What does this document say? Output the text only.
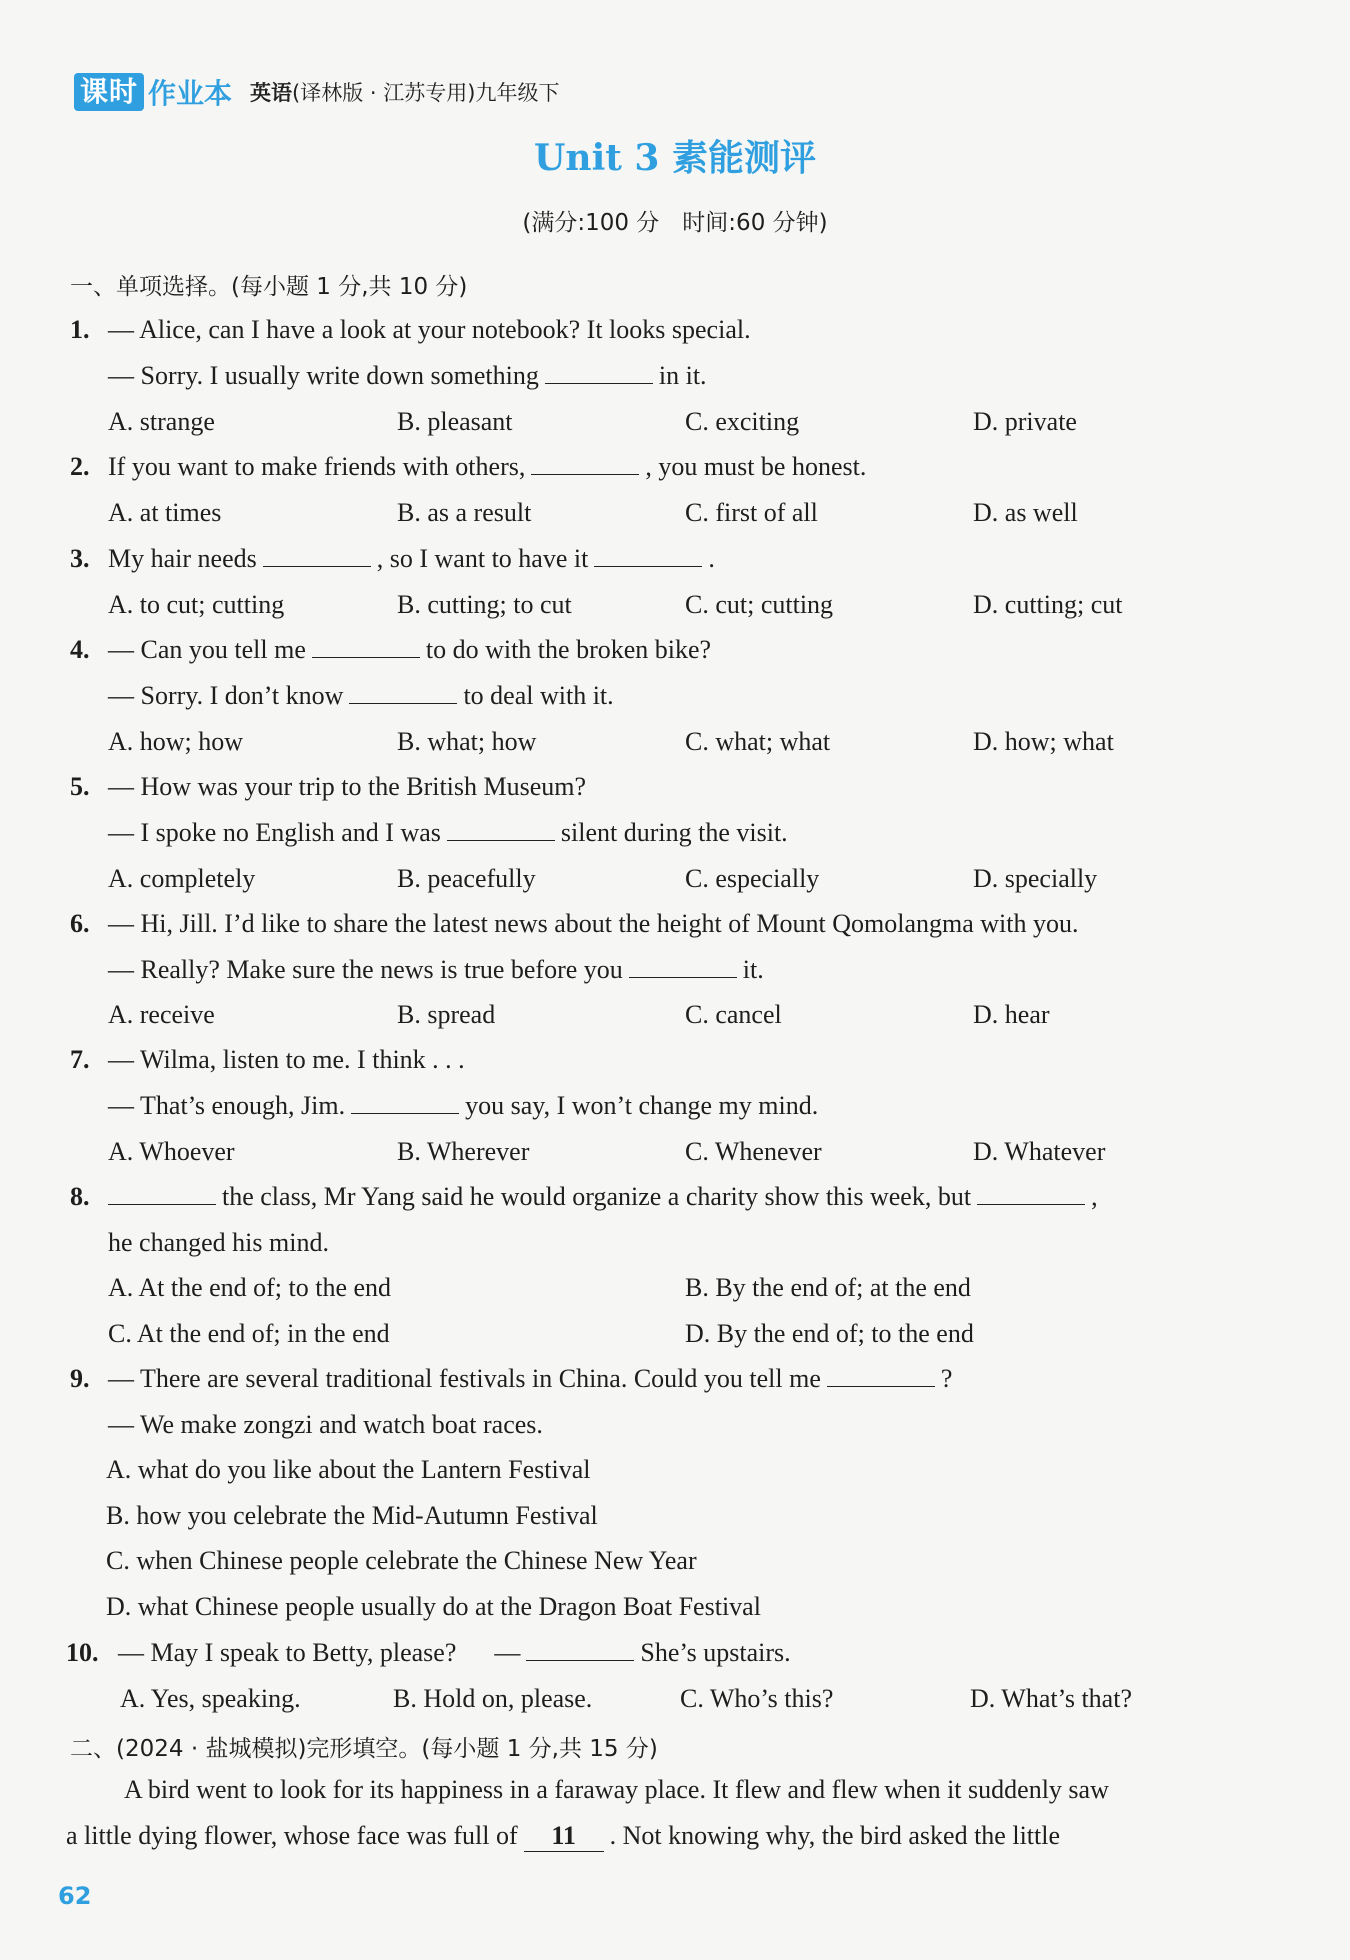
课时 作业本 英语(译林版 · 江苏专用)九年级下
Unit 3 素能测评
(满分:100 分　时间:60 分钟)
一、单项选择。(每小题 1 分,共 10 分)
1. — Alice, can I have a look at your notebook? It looks special.
— Sorry. I usually write down something	in it.
A. strange	B. pleasant	C. exciting	D. private
2. If you want to make friends with others,	, you must be honest.
A. at times	B. as a result	C. first of all	D. as well
3. My hair needs	, so I want to have it	.
A. to cut; cutting	B. cutting; to cut	C. cut; cutting	D. cutting; cut
4. — Can you tell me	to do with the broken bike?
— Sorry. I don’t know	to deal with it.
A. how; how	B. what; how	C. what; what	D. how; what
5. — How was your trip to the British Museum?
— I spoke no English and I was	silent during the visit.
A. completely	B. peacefully	C. especially	D. specially
6. — Hi, Jill. I’d like to share the latest news about the height of Mount Qomolangma with you.
— Really? Make sure the news is true before you	it.
A. receive	B. spread	C. cancel	D. hear
7. — Wilma, listen to me. I think . . .
— That’s enough, Jim.	you say, I won’t change my mind.
A. Whoever	B. Wherever	C. Whenever	D. Whatever
8.	the class, Mr Yang said he would organize a charity show this week, but	,
he changed his mind.
A. At the end of; to the end	B. By the end of; at the end
C. At the end of; in the end	D. By the end of; to the end
9. — There are several traditional festivals in China. Could you tell me	?
— We make zongzi and watch boat races.
A. what do you like about the Lantern Festival
B. how you celebrate the Mid-Autumn Festival
C. when Chinese people celebrate the Chinese New Year
D. what Chinese people usually do at the Dragon Boat Festival
10. — May I speak to Betty, please? —	She’s upstairs.
A. Yes, speaking.	B. Hold on, please.	C. Who’s this?	D. What’s that?
二、(2024 · 盐城模拟)完形填空。(每小题 1 分,共 15 分)
A bird went to look for its happiness in a faraway place. It flew and flew when it suddenly saw
a little dying flower, whose face was full of 11 . Not knowing why, the bird asked the little
62
